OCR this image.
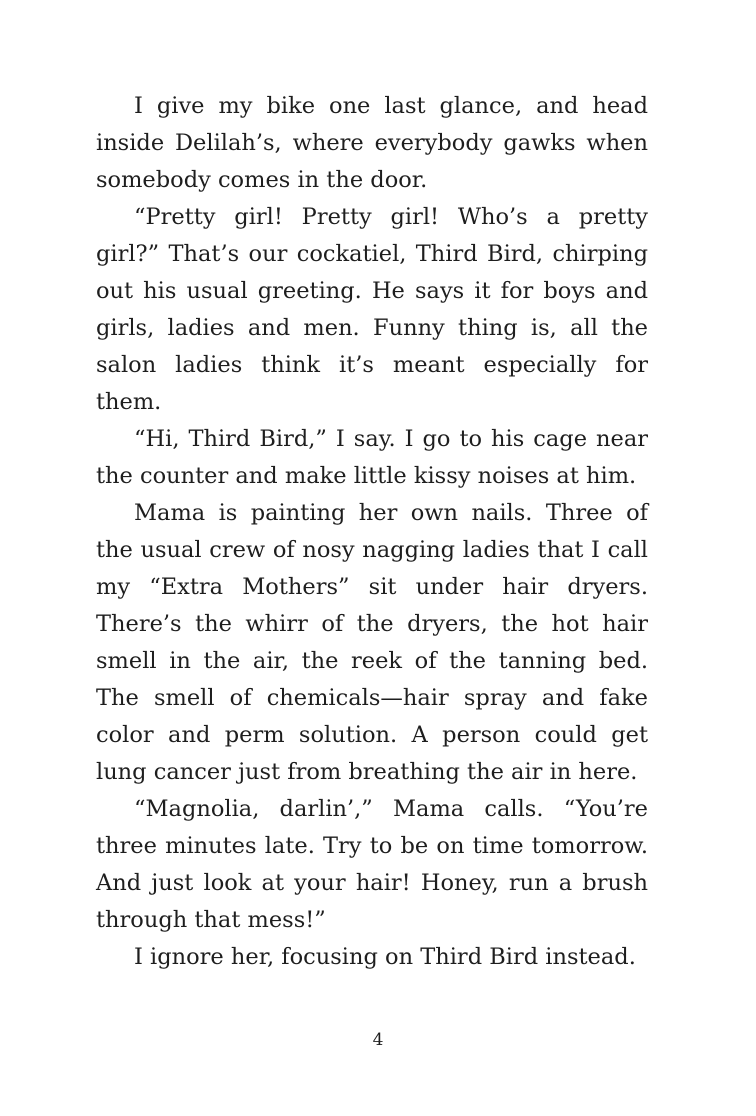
I give my bike one last glance, and head inside Delilah’s, where everybody gawks when somebody comes in the door.

“Pretty girl! Pretty girl! Who’s a pretty girl?” That’s our cockatiel, Third Bird, chirping out his usual greeting. He says it for boys and girls, ladies and men. Funny thing is, all the salon ladies think it’s meant especially for them.

“Hi, Third Bird,” I say. I go to his cage near the counter and make little kissy noises at him.

Mama is painting her own nails. Three of the usual crew of nosy nagging ladies that I call my “Extra Mothers” sit under hair dryers. There’s the whirr of the dryers, the hot hair smell in the air, the reek of the tanning bed. The smell of chemicals—hair spray and fake color and perm solution. A person could get lung cancer just from breathing the air in here.

“Magnolia, darlin’,” Mama calls. “You’re three minutes late. Try to be on time tomorrow. And just look at your hair! Honey, run a brush through that mess!”

I ignore her, focusing on Third Bird instead.

4
